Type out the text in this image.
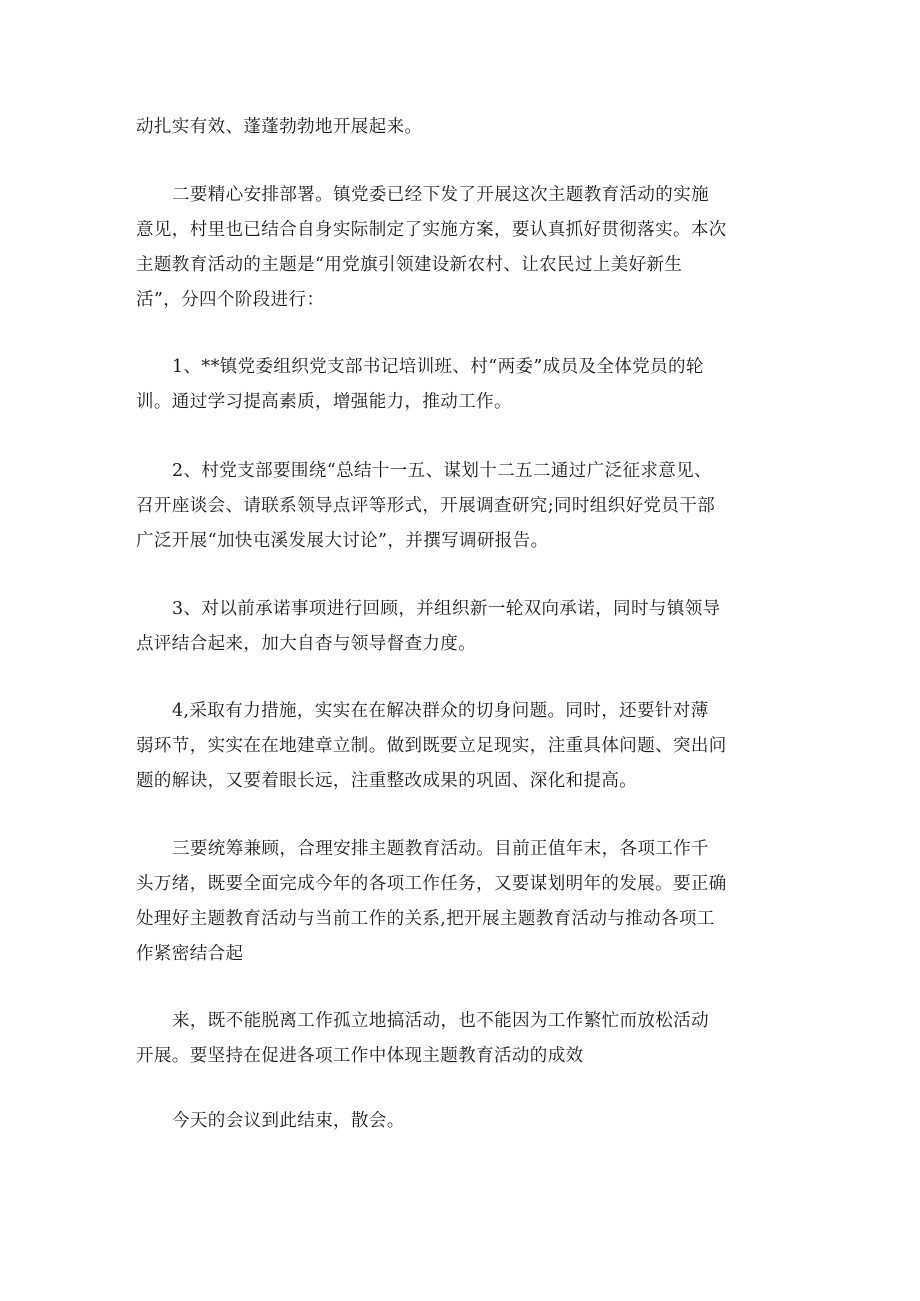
动扎实有效、蓬蓬勃勃地开展起来。

二要精心安排部署。镇党委已经下发了开展这次主题教育活动的实施
意见，村里也已结合自身实际制定了实施方案，要认真抓好贯彻落实。本次
主题教育活动的主题是“用党旗引领建设新农村、让农民过上美好新生
活”，分四个阶段进行：

1、**镇党委组织党支部书记培训班、村“两委”成员及全体党员的轮
训。通过学习提高素质，增强能力，推动工作。

2、村党支部要围绕“总结十一五、谋划十二五二通过广泛征求意见、
召开座谈会、请联系领导点评等形式，开展调查研究;同时组织好党员干部
广泛开展“加快屯溪发展大讨论”，并撰写调研报告。

3、对以前承诺事项进行回顾，并组织新一轮双向承诺，同时与镇领导
点评结合起来，加大自杳与领导督查力度。

4,采取有力措施，实实在在解决群众的切身问题。同时，还要针对薄
弱环节，实实在在地建章立制。做到既要立足现实，注重具体问题、突出问
题的解诀，又要着眼长远，注重整改成果的巩固、深化和提高。

三要统筹兼顾，合理安排主题教育活动。目前正值年末，各项工作千
头万绪，既要全面完成今年的各项工作任务，又要谋划明年的发展。要正确
处理好主题教育活动与当前工作的关系,把开展主题教育活动与推动各项工
作紧密结合起

来，既不能脱离工作孤立地搞活动，也不能因为工作繁忙而放松活动
开展。要坚持在促进各项工作中体现主题教育活动的成效

今天的会议到此结束，散会。
